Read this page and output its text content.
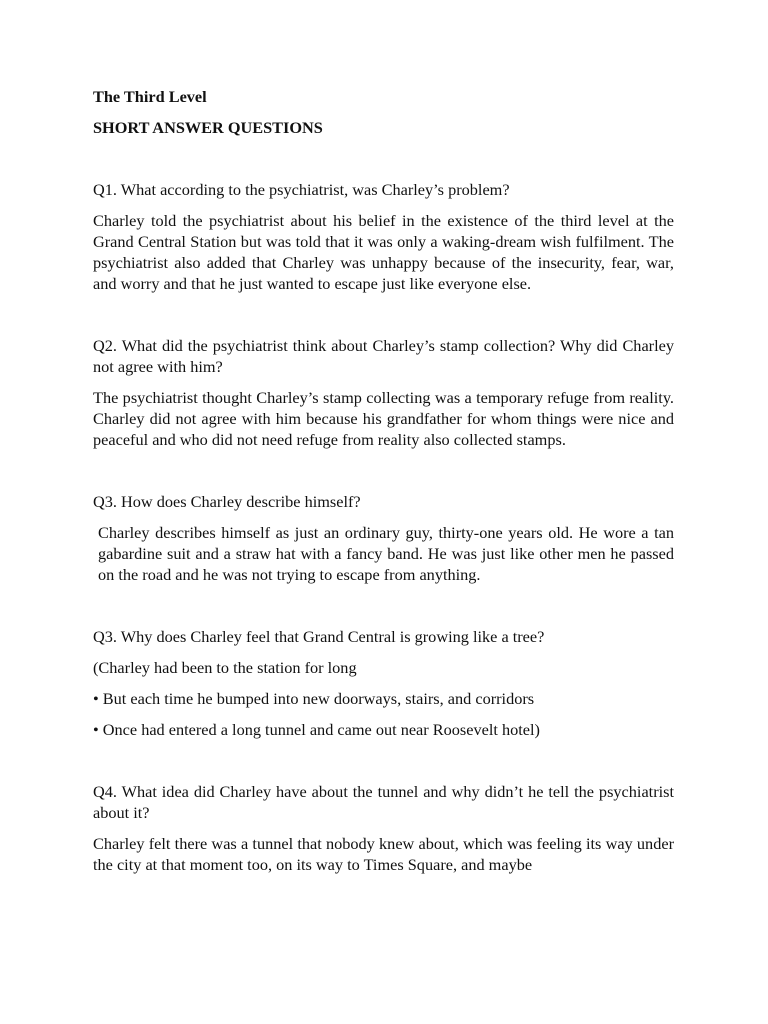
The Third Level
SHORT ANSWER QUESTIONS
Q1. What according to the psychiatrist, was Charley’s problem?
Charley told the psychiatrist about his belief in the existence of the third level at the Grand Central Station but was told that it was only a waking-dream wish fulfilment. The psychiatrist also added that Charley was unhappy because of the insecurity, fear, war, and worry and that he just wanted to escape just like everyone else.
Q2. What did the psychiatrist think about Charley’s stamp collection? Why did Charley not agree with him?
The psychiatrist thought Charley’s stamp collecting was a temporary refuge from reality. Charley did not agree with him because his grandfather for whom things were nice and peaceful and who did not need refuge from reality also collected stamps.
Q3. How does Charley describe himself?
Charley describes himself as just an ordinary guy, thirty-one years old. He wore a tan gabardine suit and a straw hat with a fancy band. He was just like other men he passed on the road and he was not trying to escape from anything.
Q3. Why does Charley feel that Grand Central is growing like a tree?
(Charley had been to the station for long
• But each time he bumped into new doorways, stairs, and corridors
• Once had entered a long tunnel and came out near Roosevelt hotel)
Q4. What idea did Charley have about the tunnel and why didn’t he tell the psychiatrist about it?
Charley felt there was a tunnel that nobody knew about, which was feeling its way under the city at that moment too, on its way to Times Square, and maybe
